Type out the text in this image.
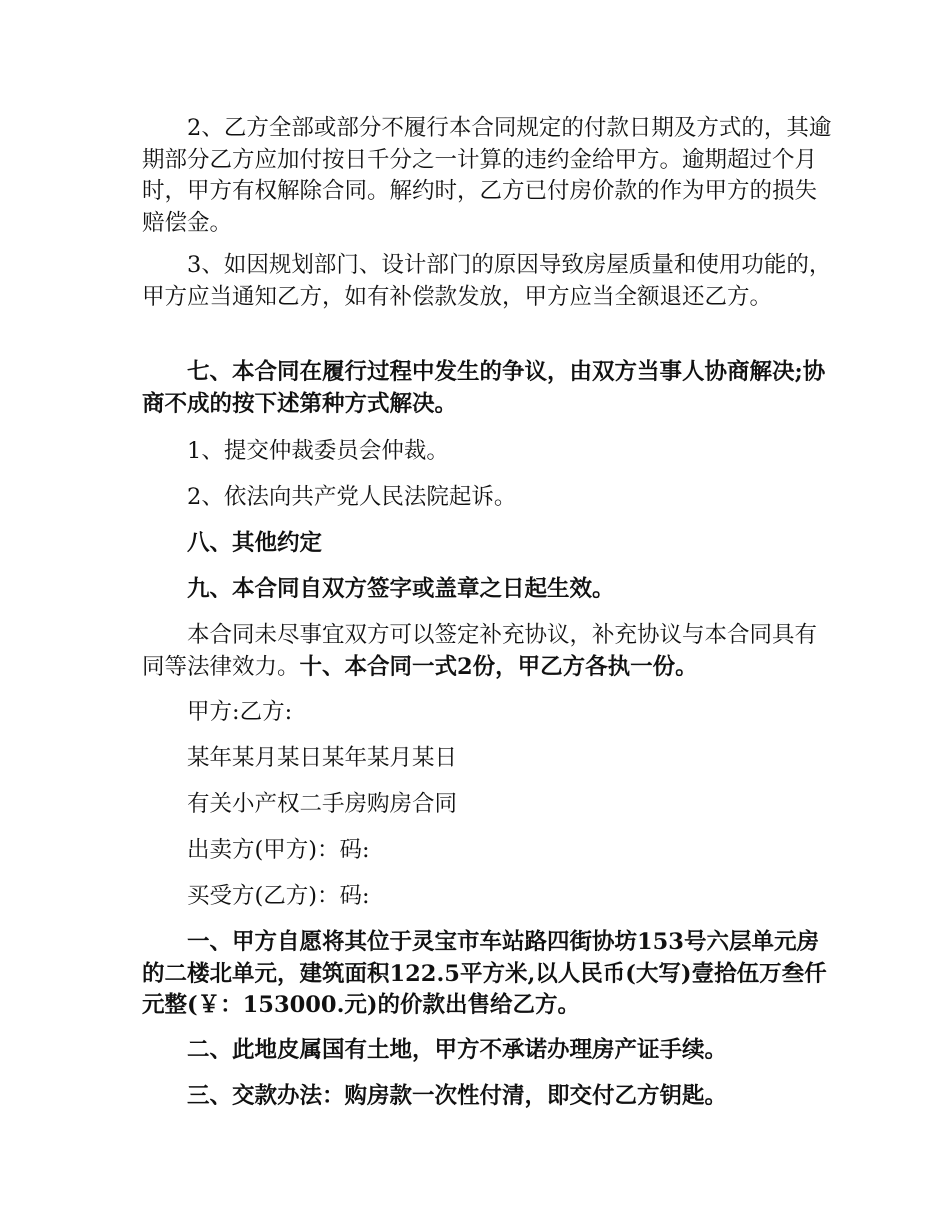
2、乙方全部或部分不履行本合同规定的付款日期及方式的，其逾期部分乙方应加付按日千分之一计算的违约金给甲方。逾期超过个月时，甲方有权解除合同。解约时，乙方已付房价款的作为甲方的损失赔偿金。

3、如因规划部门、设计部门的原因导致房屋质量和使用功能的，甲方应当通知乙方，如有补偿款发放，甲方应当全额退还乙方。

七、本合同在履行过程中发生的争议，由双方当事人协商解决;协商不成的按下述第种方式解决。

1、提交仲裁委员会仲裁。

2、依法向共产党人民法院起诉。

八、其他约定

九、本合同自双方签字或盖章之日起生效。

本合同未尽事宜双方可以签定补充协议，补充协议与本合同具有同等法律效力。十、本合同一式2份，甲乙方各执一份。

甲方:乙方:

某年某月某日某年某月某日

有关小产权二手房购房合同

出卖方(甲方)：码:

买受方(乙方)：码:

一、甲方自愿将其位于灵宝市车站路四街协坊153号六层单元房的二楼北单元，建筑面积122.5平方米,以人民币(大写)壹拾伍万叁仟元整(￥：153000.元)的价款出售给乙方。

二、此地皮属国有土地，甲方不承诺办理房产证手续。

三、交款办法：购房款一次性付清，即交付乙方钥匙。
